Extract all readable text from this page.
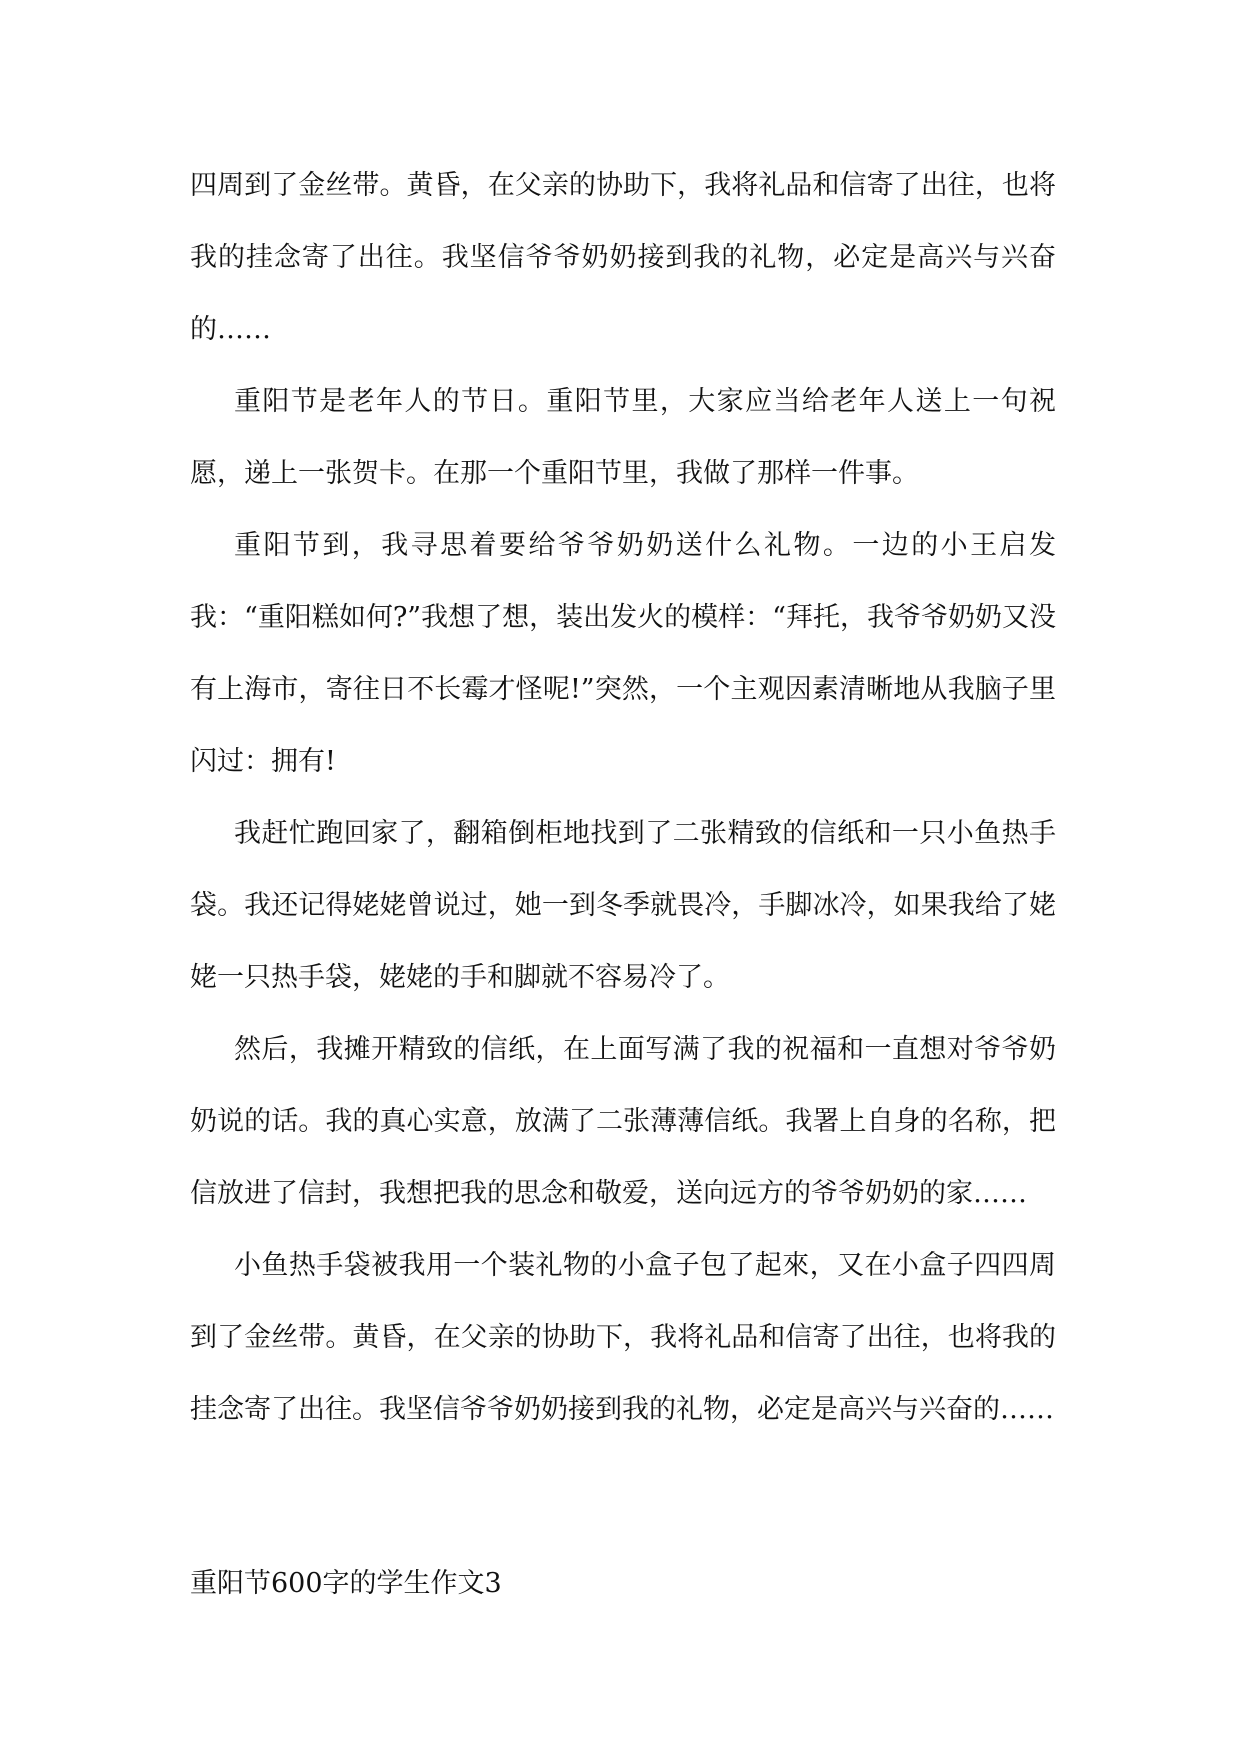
四周到了金丝带。黄昏，在父亲的协助下，我将礼品和信寄了出往，也将我的挂念寄了出往。我坚信爷爷奶奶接到我的礼物，必定是高兴与兴奋的……

重阳节是老年人的节日。重阳节里，大家应当给老年人送上一句祝愿，递上一张贺卡。在那一个重阳节里，我做了那样一件事。

重阳节到，我寻思着要给爷爷奶奶送什么礼物。一边的小王启发我：“重阳糕如何?”我想了想，装出发火的模样：“拜托，我爷爷奶奶又没有上海市，寄往日不长霉才怪呢!”突然，一个主观因素清晰地从我脑子里闪过：拥有!

我赶忙跑回家了，翻箱倒柜地找到了二张精致的信纸和一只小鱼热手袋。我还记得姥姥曾说过，她一到冬季就畏冷，手脚冰冷，如果我给了姥姥一只热手袋，姥姥的手和脚就不容易冷了。

然后，我摊开精致的信纸，在上面写满了我的祝福和一直想对爷爷奶奶说的话。我的真心实意，放满了二张薄薄信纸。我署上自身的名称，把信放进了信封，我想把我的思念和敬爱，送向远方的爷爷奶奶的家……

小鱼热手袋被我用一个装礼物的小盒子包了起來，又在小盒子四四周到了金丝带。黄昏，在父亲的协助下，我将礼品和信寄了出往，也将我的挂念寄了出往。我坚信爷爷奶奶接到我的礼物，必定是高兴与兴奋的……

重阳节600字的学生作文3
